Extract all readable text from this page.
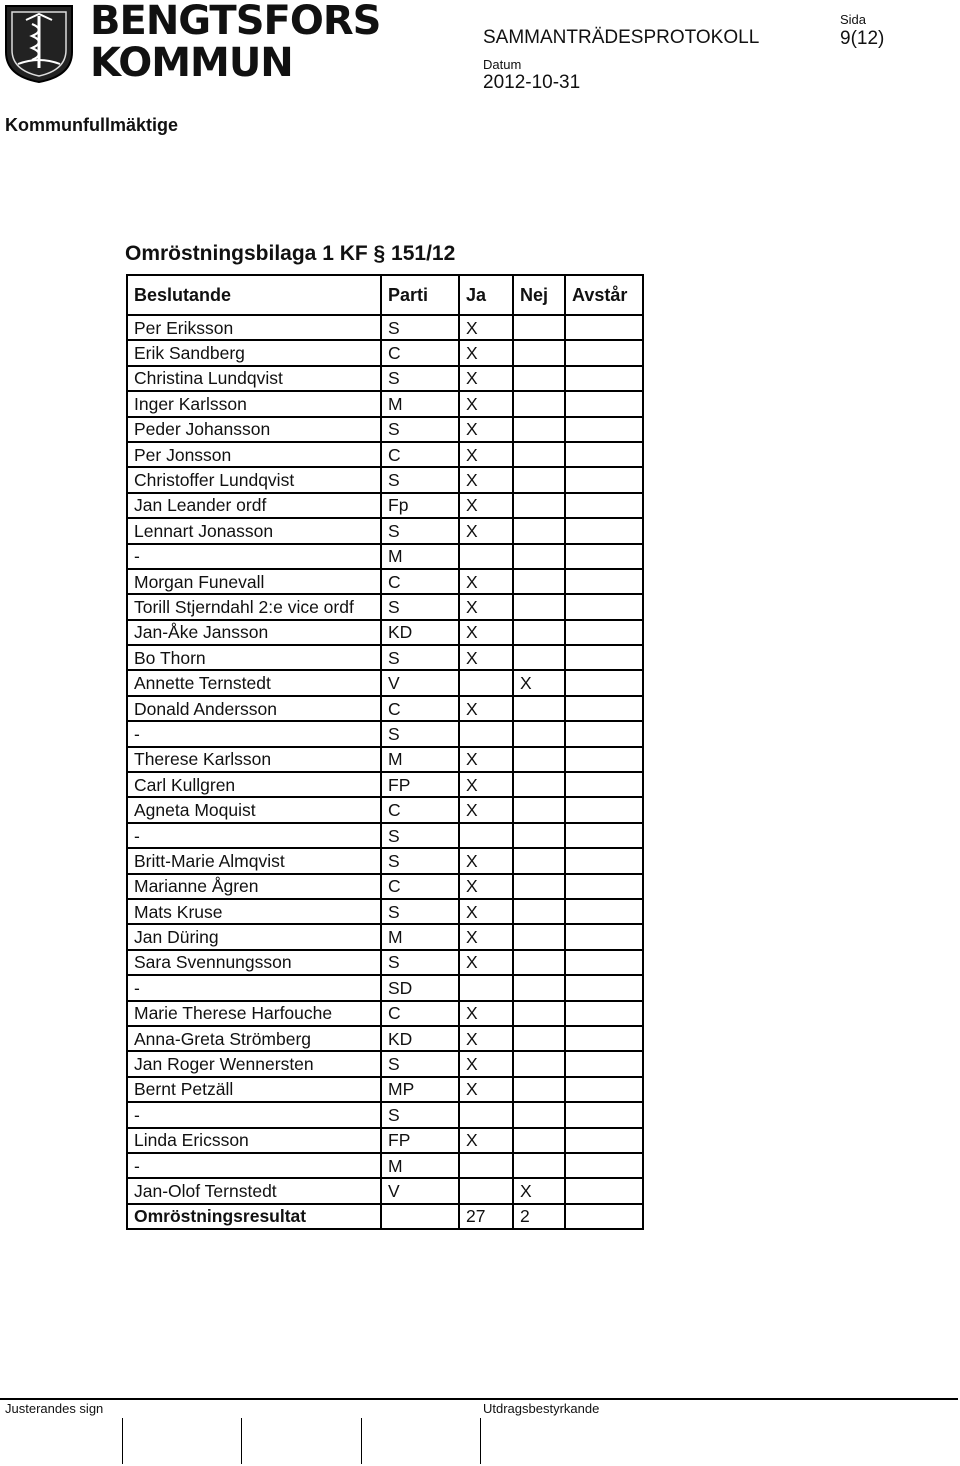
BENGTSFORS
KOMMUN
SAMMANTRÄDESPROTOKOLL
Sida
9(12)
Datum
2012-10-31
Kommunfullmäktige
Omröstningsbilaga 1 KF § 151/12
Beslutande	Parti	Ja	Nej	Avstår
Per Eriksson	S	X		
Erik Sandberg	C	X		
Christina Lundqvist	S	X		
Inger Karlsson	M	X		
Peder Johansson	S	X		
Per Jonsson	C	X		
Christoffer Lundqvist	S	X		
Jan Leander ordf	Fp	X		
Lennart Jonasson	S	X		
-	M			
Morgan Funevall	C	X		
Torill Stjerndahl 2:e vice ordf	S	X		
Jan-Åke Jansson	KD	X		
Bo Thorn	S	X		
Annette Ternstedt	V		X	
Donald Andersson	C	X		
-	S			
Therese Karlsson	M	X		
Carl Kullgren	FP	X		
Agneta Moquist	C	X		
-	S			
Britt-Marie Almqvist	S	X		
Marianne Ågren	C	X		
Mats Kruse	S	X		
Jan Düring	M	X		
Sara Svennungsson	S	X		
-	SD			
Marie Therese Harfouche	C	X		
Anna-Greta Strömberg	KD	X		
Jan Roger Wennersten	S	X		
Bernt Petzäll	MP	X		
-	S			
Linda Ericsson	FP	X		
-	M			
Jan-Olof Ternstedt	V		X	
Omröstningsresultat		27	2	
Justerandes sign	Utdragsbestyrkande
